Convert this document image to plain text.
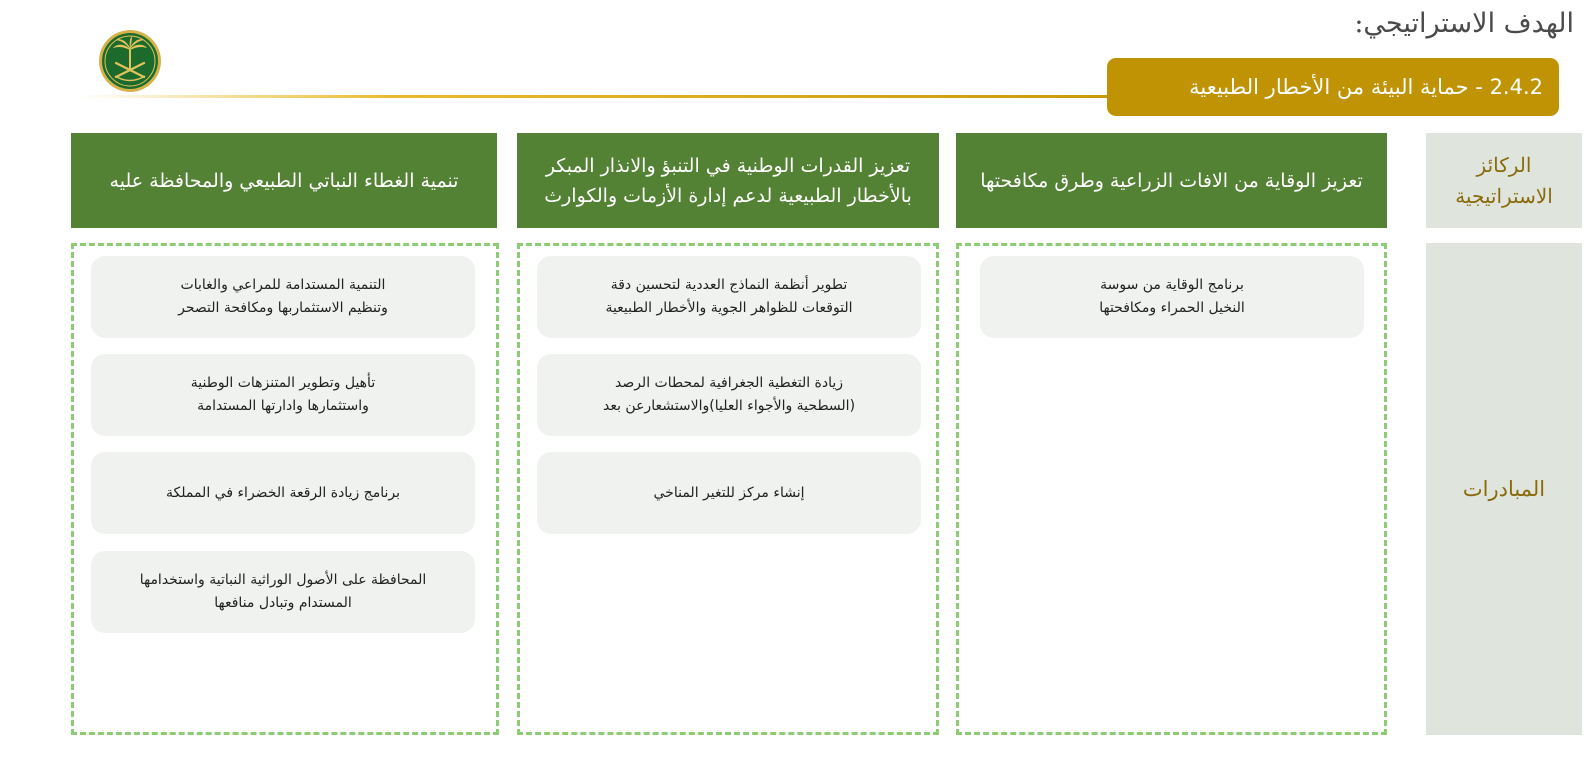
الهدف الاستراتيجي:
2.4.2 - حماية البيئة من الأخطار الطبيعية
الركائز
الاستراتيجية
المبادرات
تعزيز الوقاية من الافات الزراعية وطرق مكافحتها
تعزيز القدرات الوطنية في التنبؤ والانذار المبكر
بالأخطار الطبيعية لدعم إدارة الأزمات والكوارث
تنمية الغطاء النباتي الطبيعي والمحافظة عليه
برنامج الوقاية من سوسة
النخيل الحمراء ومكافحتها
تطوير أنظمة النماذج العددية لتحسين دقة
التوقعات للظواهر الجوية والأخطار الطبيعية
زيادة التغطية الجغرافية لمحطات الرصد
(السطحية والأجواء العليا)والاستشعارعن بعد
إنشاء مركز للتغير المناخي
التنمية المستدامة للمراعي والغابات
وتنظيم الاستثماربها ومكافحة التصحر
تأهيل وتطوير المتنزهات الوطنية
واستثمارها وادارتها المستدامة
برنامج زيادة الرقعة الخضراء في المملكة
المحافظة على الأصول الوراثية النباتية واستخدامها
المستدام وتبادل منافعها
